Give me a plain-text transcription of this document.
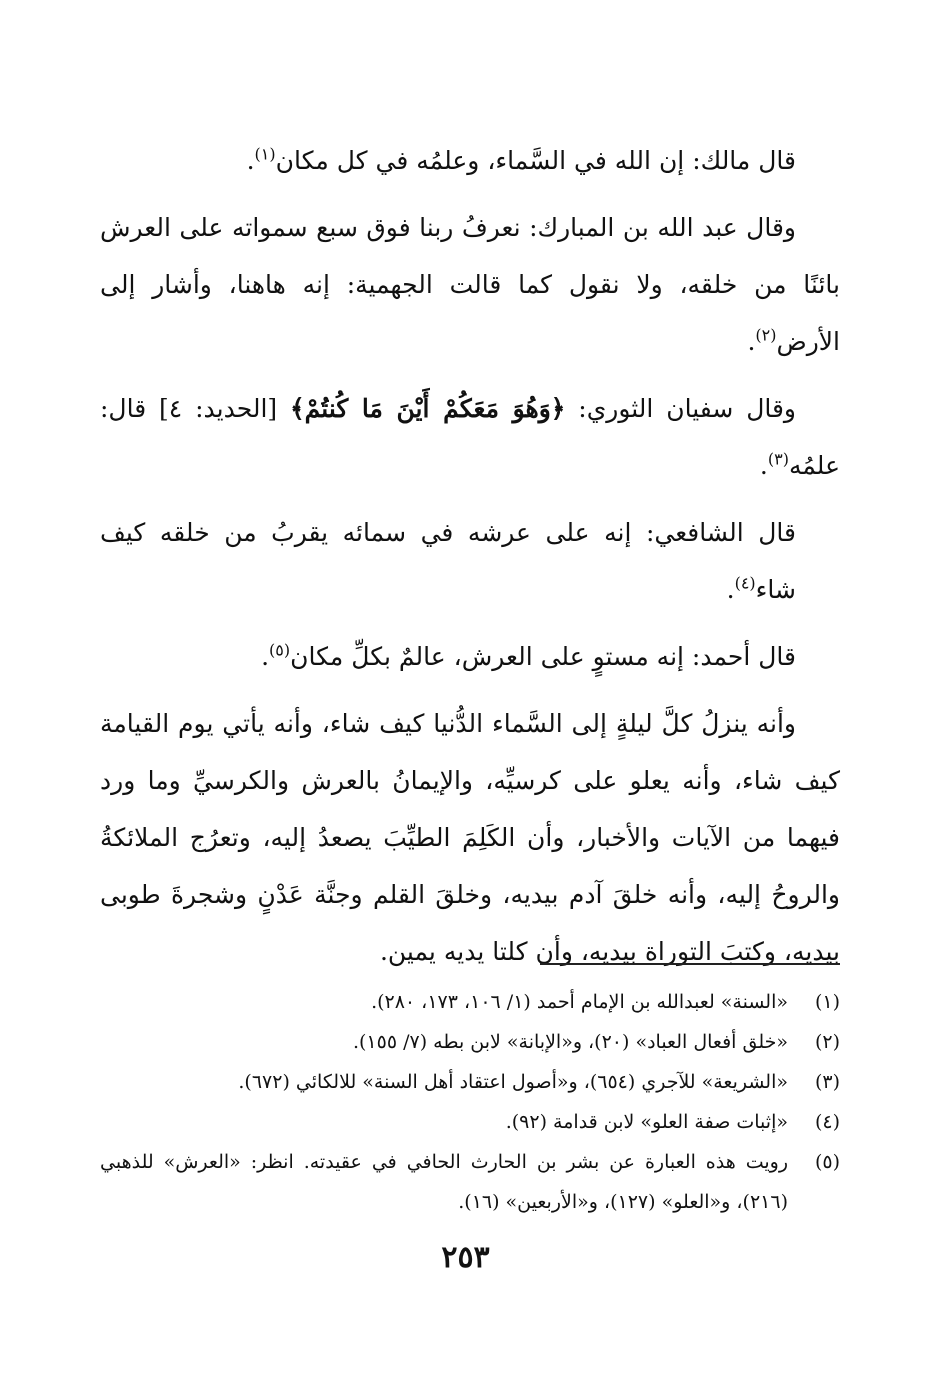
قال مالك: إن الله في السَّماء، وعلمُه في كل مكان$^{(١)}$.

وقال عبد الله بن المبارك: نعرفُ ربنا فوق سبع سمواته على العرش بائنًا من خلقه، ولا نقول كما قالت الجهمية: إنه هاهنا، وأشار إلى الأرض$^{(٢)}$.

وقال سفيان الثوري: ﴿وَهُوَ مَعَكُمْ أَيْنَ مَا كُنتُمْ﴾ [الحديد: ٤] قال: علمُه$^{(٣)}$.

قال الشافعي: إنه على عرشه في سمائه يقربُ من خلقه كيف شاء$^{(٤)}$.

قال أحمد: إنه مستوٍ على العرش، عالمٌ بكلِّ مكان$^{(٥)}$.

وأنه ينزلُ كلَّ ليلةٍ إلى السَّماء الدُّنيا كيف شاء، وأنه يأتي يوم القيامة كيف شاء، وأنه يعلو على كرسيِّه، والإيمانُ بالعرش والكرسيِّ وما ورد فيهما من الآيات والأخبار، وأن الكَلِمَ الطيِّبَ يصعدُ إليه، وتعرُج الملائكةُ والروحُ إليه، وأنه خلقَ آدم بيديه، وخلقَ القلم وجنَّة عَدْنٍ وشجرةَ طوبى بيديه، وكتبَ التوراة بيديه، وأن كلتا يديه يمين.

(١)
«السنة» لعبدالله بن الإمام أحمد (١/ ١٠٦، ١٧٣، ٢٨٠).
(٢)
«خلق أفعال العباد» (٢٠)، و«الإبانة» لابن بطه (٧/ ١٥٥).
(٣)
«الشريعة» للآجري (٦٥٤)، و«أصول اعتقاد أهل السنة» للالكائي (٦٧٢).
(٤)
«إثبات صفة العلو» لابن قدامة (٩٢).
(٥)
رويت هذه العبارة عن بشر بن الحارث الحافي في عقيدته. انظر: «العرش» للذهبي (٢١٦)، و«العلو» (١٢٧)، و«الأربعين» (١٦).
٢٥٣
